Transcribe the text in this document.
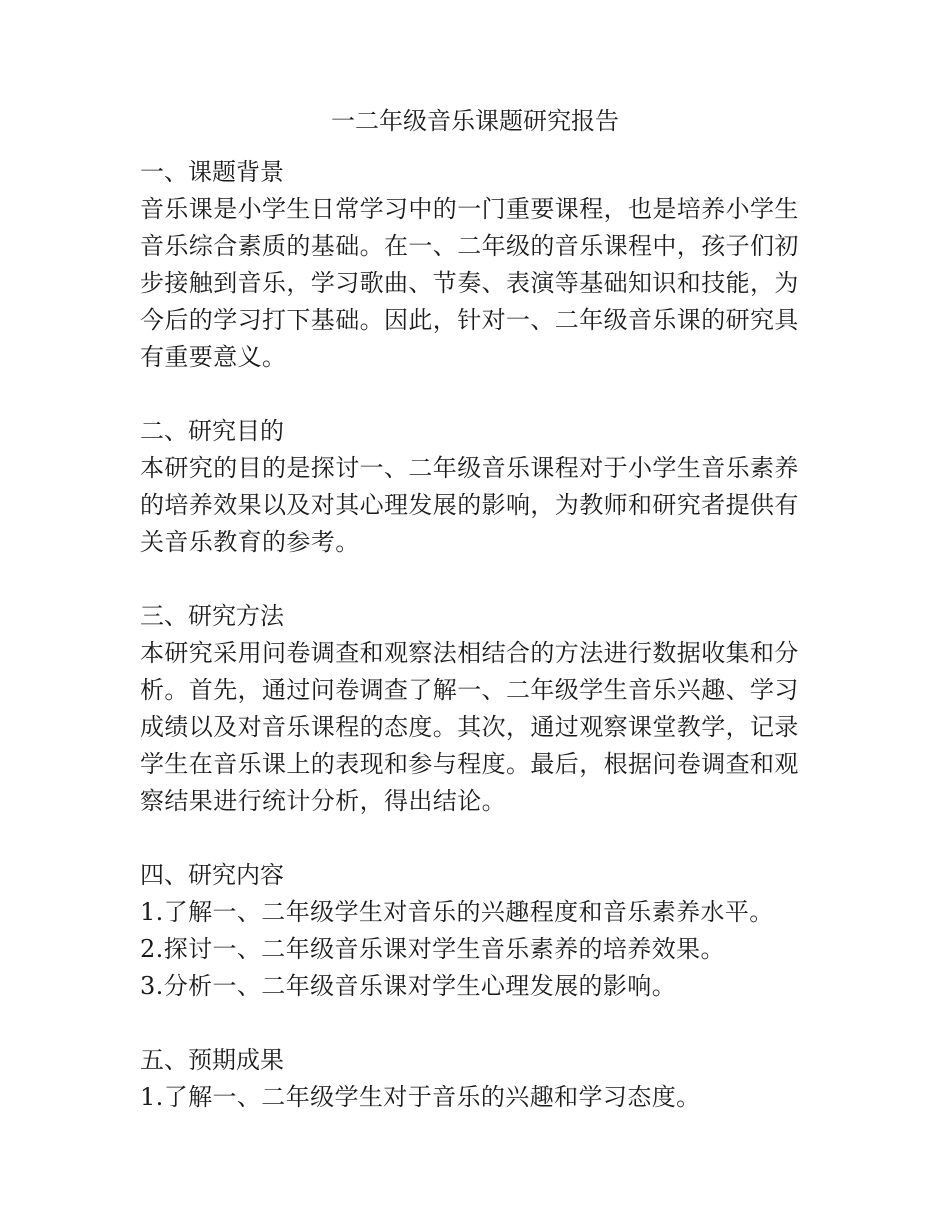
一二年级音乐课题研究报告
一、课题背景
音乐课是小学生日常学习中的一门重要课程，也是培养小学生
音乐综合素质的基础。在一、二年级的音乐课程中，孩子们初
步接触到音乐，学习歌曲、节奏、表演等基础知识和技能，为
今后的学习打下基础。因此，针对一、二年级音乐课的研究具
有重要意义。
二、研究目的
本研究的目的是探讨一、二年级音乐课程对于小学生音乐素养
的培养效果以及对其心理发展的影响，为教师和研究者提供有
关音乐教育的参考。
三、研究方法
本研究采用问卷调查和观察法相结合的方法进行数据收集和分
析。首先，通过问卷调查了解一、二年级学生音乐兴趣、学习
成绩以及对音乐课程的态度。其次，通过观察课堂教学，记录
学生在音乐课上的表现和参与程度。最后，根据问卷调查和观
察结果进行统计分析，得出结论。
四、研究内容
1.了解一、二年级学生对音乐的兴趣程度和音乐素养水平。
2.探讨一、二年级音乐课对学生音乐素养的培养效果。
3.分析一、二年级音乐课对学生心理发展的影响。
五、预期成果
1.了解一、二年级学生对于音乐的兴趣和学习态度。
